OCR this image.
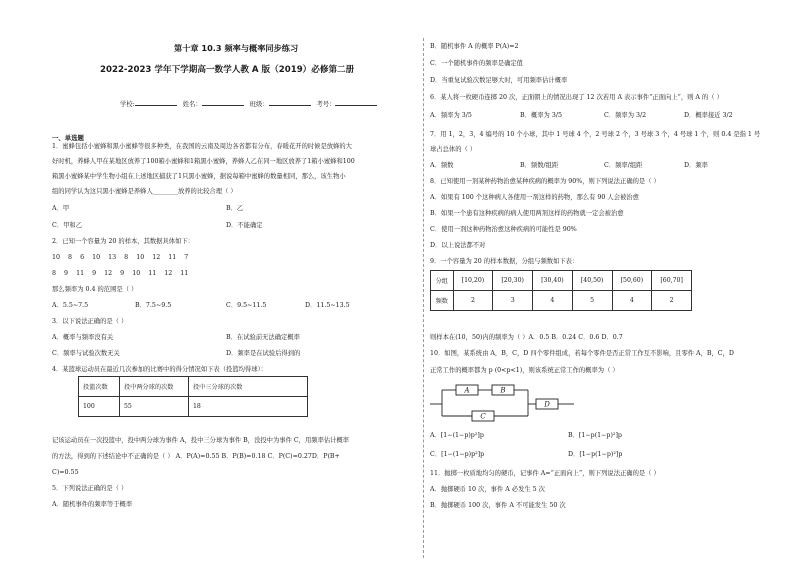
第十章 10.3 频率与概率同步练习
2022-2023 学年下学期高一数学人教 A 版（2019）必修第二册
学校:	姓名：	班级：	考号：
一、单选题
1．蜜蜂包括小蜜蜂和黑小蜜蜂等很多种类，在我国的云南及周边各省都有分布，春暖花开的时候是放蜂的大
好时机，养蜂人甲在某地区放养了100箱小蜜蜂和1箱黑小蜜蜂，养蜂人乙在同一地区放养了1箱小蜜蜂和100
箱黑小蜜蜂某中学生物小组在上述地区捕获了1只黑小蜜蜂，据说每箱中蜜蜂的数量相同，那么，该生物小
组的同学认为这只黑小蜜蜂是养蜂人________放养的比较合理（ ）
A．甲	B．乙
C．甲和乙	D．不能确定
2．已知一个容量为 20 的样本，其数据具体如下：
10 8 6 10 13 8 10 12 11 7
8 9 11 9 12 9 10 11 12 11
那么频率为 0.4 的范围是（ ）
A．5.5~7.5	B．7.5~9.5	C．9.5~11.5	D．11.5~13.5
3．以下说法正确的是（ ）
A．概率与频率没有关	B．在试验前无法确定概率
C．频率与试验次数无关	D．频率是在试验后得到的
4．某篮球运动员在最近几次参加的比赛中的得分情况如下表（投篮均得球）：
投篮次数	投中两分球的次数	投中三分球的次数
100	55	18
记该运动员在一次投篮中，投中两分球为事件 A，投中三分球为事件 B，没投中为事件 C，用频率估计概率
的方法，得到的下述结论中不正确的是（ ） A．P(A)=0.55 B．P(B)=0.18 C．P(C)=0.27D．P(B+
C)=0.55
5．下列说法正确的是（ ）
A．随机事件的频率等于概率
B．随机事件 A 的概率 P(A)=2
C．一个随机事件的频率是确定值
D．当重复试验次数足够大时，可用频率估计概率
6．某人将一枚硬币连掷 20 次，正面朝上的情况出现了 12 次若用 A 表示事件“正面向上”，则 A 的（ ）
A．频率为 3/5	B．概率为 3/5	C．频率为 3/2	D．概率接近 3/2
7．用 1，2，3，4 编号的 10 个小球，其中 1 号球 4 个，2 号球 2 个，3 号球 3 个，4 号球 1 个，则 0.4 是指 1 号
球占总体的（ ）
A．频数	B．频数/组距	C．频率/组距	D．频率
8．已知使用一剂某种药物治愈某种疾病的概率为 90%，则下列说法正确的是（ ）
A．如果有 100 个这种病人各使用一剂这样的药物，那么有 90 人会被治愈
B．如果一个患有这种疾病的病人使用两剂这样的药物就一定会被治愈
C．使用一剂这种药物治愈这种疾病的可能性是 90%
D．以上说法都不对
9．一个容量为 20 的样本数据，分组与频数如下表：
分组	[10,20)	[20,30)	[30,40)	[40,50)	[50,60)	[60,70]
频数	2	3	4	5	4	2
则样本在(10，50)内的频率为（ ）A．0.5 B．0.24 C．0.6 D．0.7
10．如图，某系统由 A，B，C，D 四个零件组成，若每个零件是否正常工作互不影响，且零件 A，B，C，D
正常工作的概率都为 p (0<p<1)，则该系统正常工作的概率为（ ）
A	B
C
D
A．[1−(1−p)p²]p	B．[1−p(1−p)²]p
C．[1−(1−p)p²]p	D．[1−p(1−p)²]p
11．抛掷一枚质地均匀的硬币，记事件 A=“正面向上”，则下列说法正确的是（ ）
A．抛掷硬币 10 次，事件 A 必发生 5 次
B．抛掷硬币 100 次，事件 A 不可能发生 50 次
